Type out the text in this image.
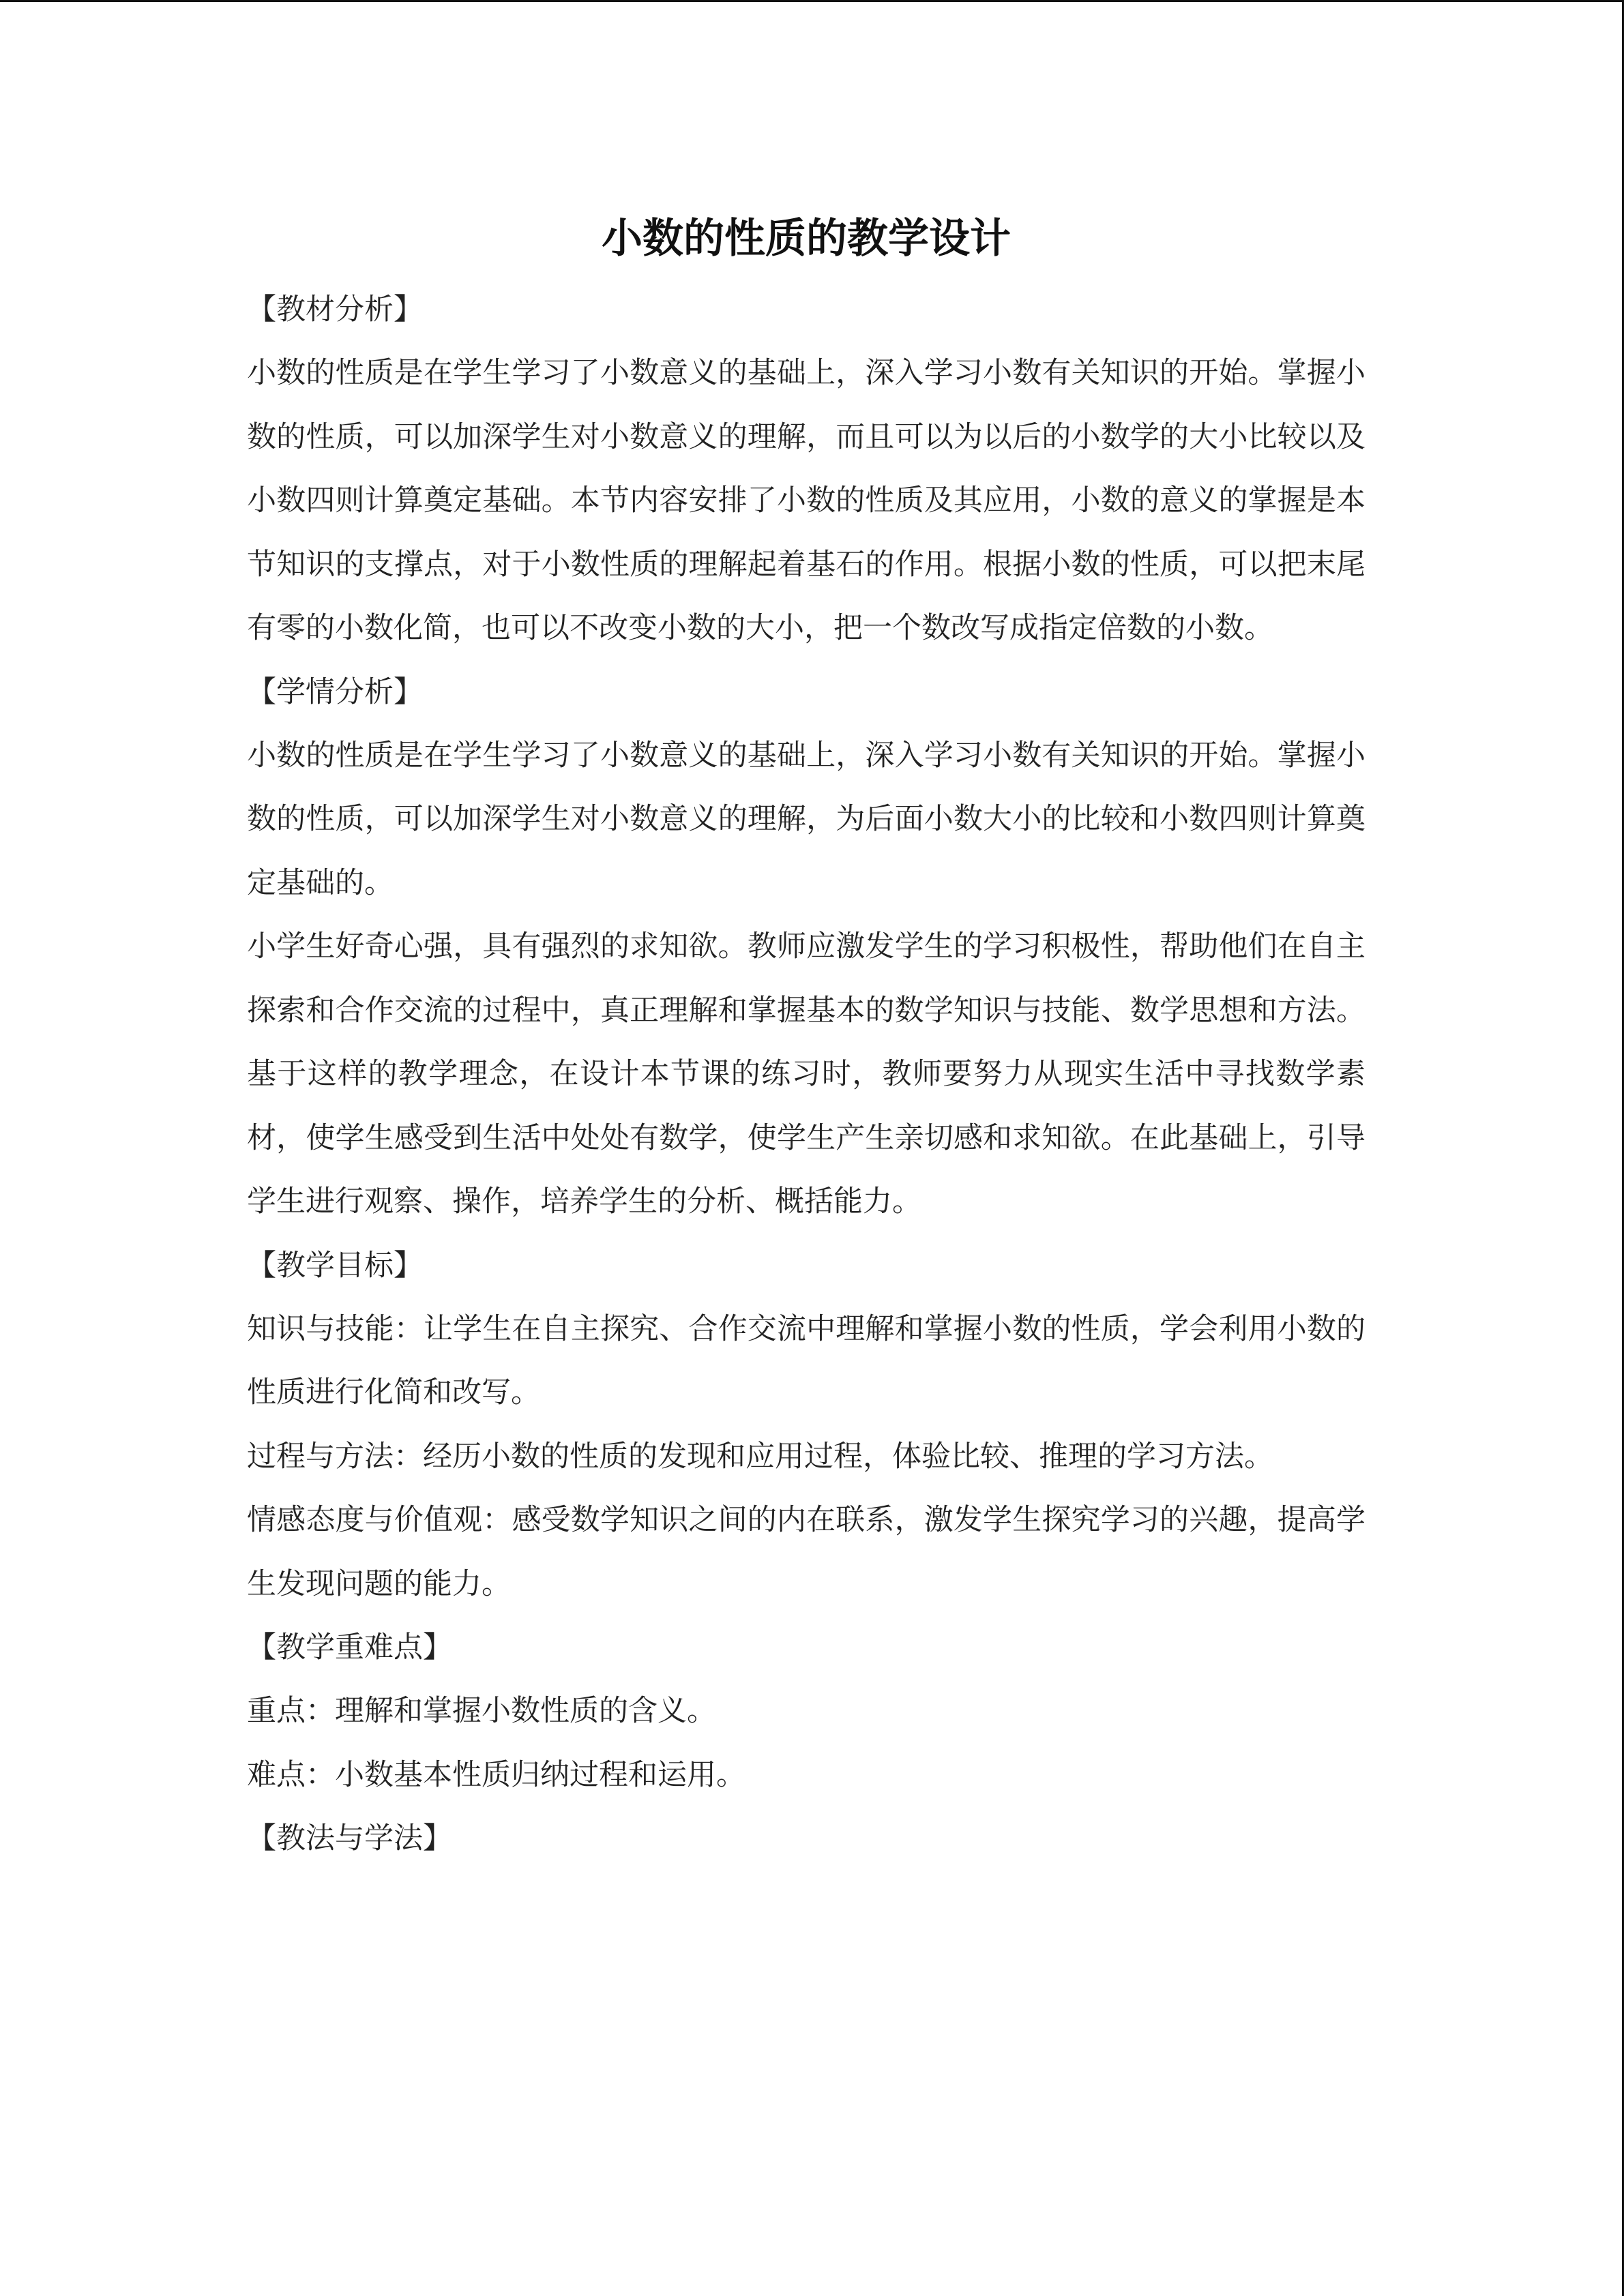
小数的性质的教学设计

【教材分析】

小数的性质是在学生学习了小数意义的基础上，深入学习小数有关知识的开始。掌握小数的性质，可以加深学生对小数意义的理解，而且可以为以后的小数学的大小比较以及小数四则计算奠定基础。本节内容安排了小数的性质及其应用，小数的意义的掌握是本节知识的支撑点，对于小数性质的理解起着基石的作用。根据小数的性质，可以把末尾有零的小数化简，也可以不改变小数的大小，把一个数改写成指定倍数的小数。

【学情分析】

小数的性质是在学生学习了小数意义的基础上，深入学习小数有关知识的开始。掌握小数的性质，可以加深学生对小数意义的理解，为后面小数大小的比较和小数四则计算奠定基础的。

小学生好奇心强，具有强烈的求知欲。教师应激发学生的学习积极性，帮助他们在自主探索和合作交流的过程中，真正理解和掌握基本的数学知识与技能、数学思想和方法。基于这样的教学理念，在设计本节课的练习时，教师要努力从现实生活中寻找数学素材，使学生感受到生活中处处有数学，使学生产生亲切感和求知欲。在此基础上，引导学生进行观察、操作，培养学生的分析、概括能力。

【教学目标】

知识与技能：让学生在自主探究、合作交流中理解和掌握小数的性质，学会利用小数的性质进行化简和改写。

过程与方法：经历小数的性质的发现和应用过程，体验比较、推理的学习方法。

情感态度与价值观：感受数学知识之间的内在联系，激发学生探究学习的兴趣，提高学生发现问题的能力。

【教学重难点】

重点：理解和掌握小数性质的含义。

难点：小数基本性质归纳过程和运用。

【教法与学法】
